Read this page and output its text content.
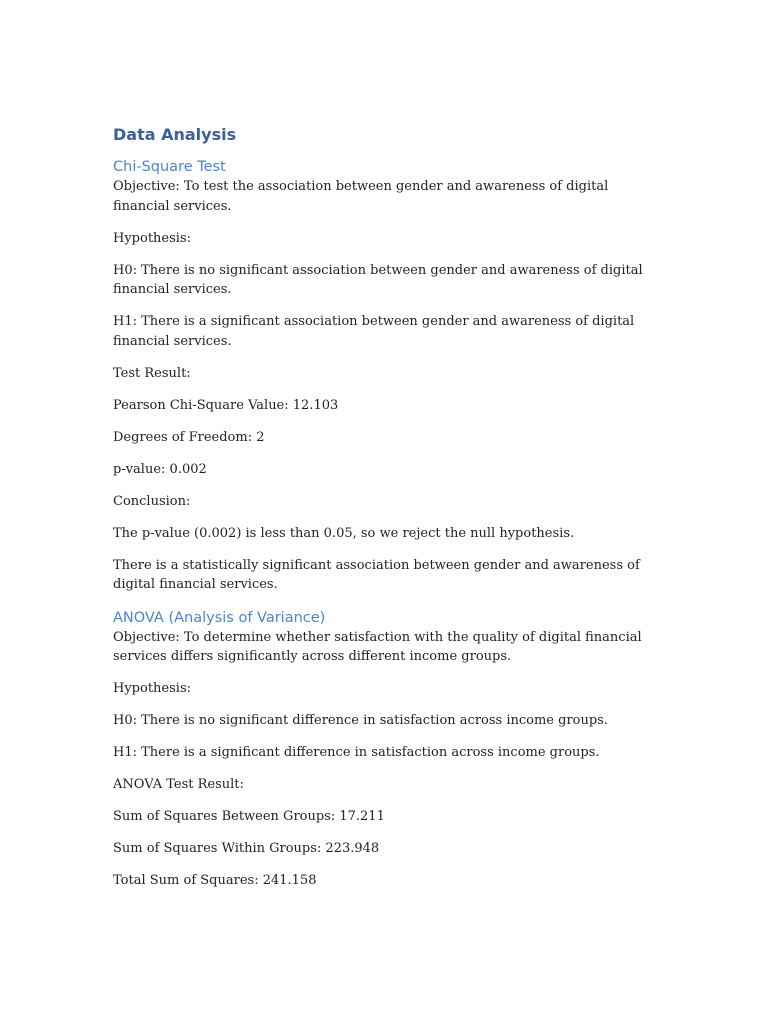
Data Analysis
Chi-Square Test

Objective: To test the association between gender and awareness of digital financial services.

Hypothesis:

H0: There is no significant association between gender and awareness of digital financial services.

H1: There is a significant association between gender and awareness of digital financial services.

Test Result:

Pearson Chi-Square Value: 12.103

Degrees of Freedom: 2

p-value: 0.002

Conclusion:

The p-value (0.002) is less than 0.05, so we reject the null hypothesis.

There is a statistically significant association between gender and awareness of digital financial services.

ANOVA (Analysis of Variance)

Objective: To determine whether satisfaction with the quality of digital financial services differs significantly across different income groups.

Hypothesis:

H0: There is no significant difference in satisfaction across income groups.

H1: There is a significant difference in satisfaction across income groups.

ANOVA Test Result:

Sum of Squares Between Groups: 17.211

Sum of Squares Within Groups: 223.948

Total Sum of Squares: 241.158
